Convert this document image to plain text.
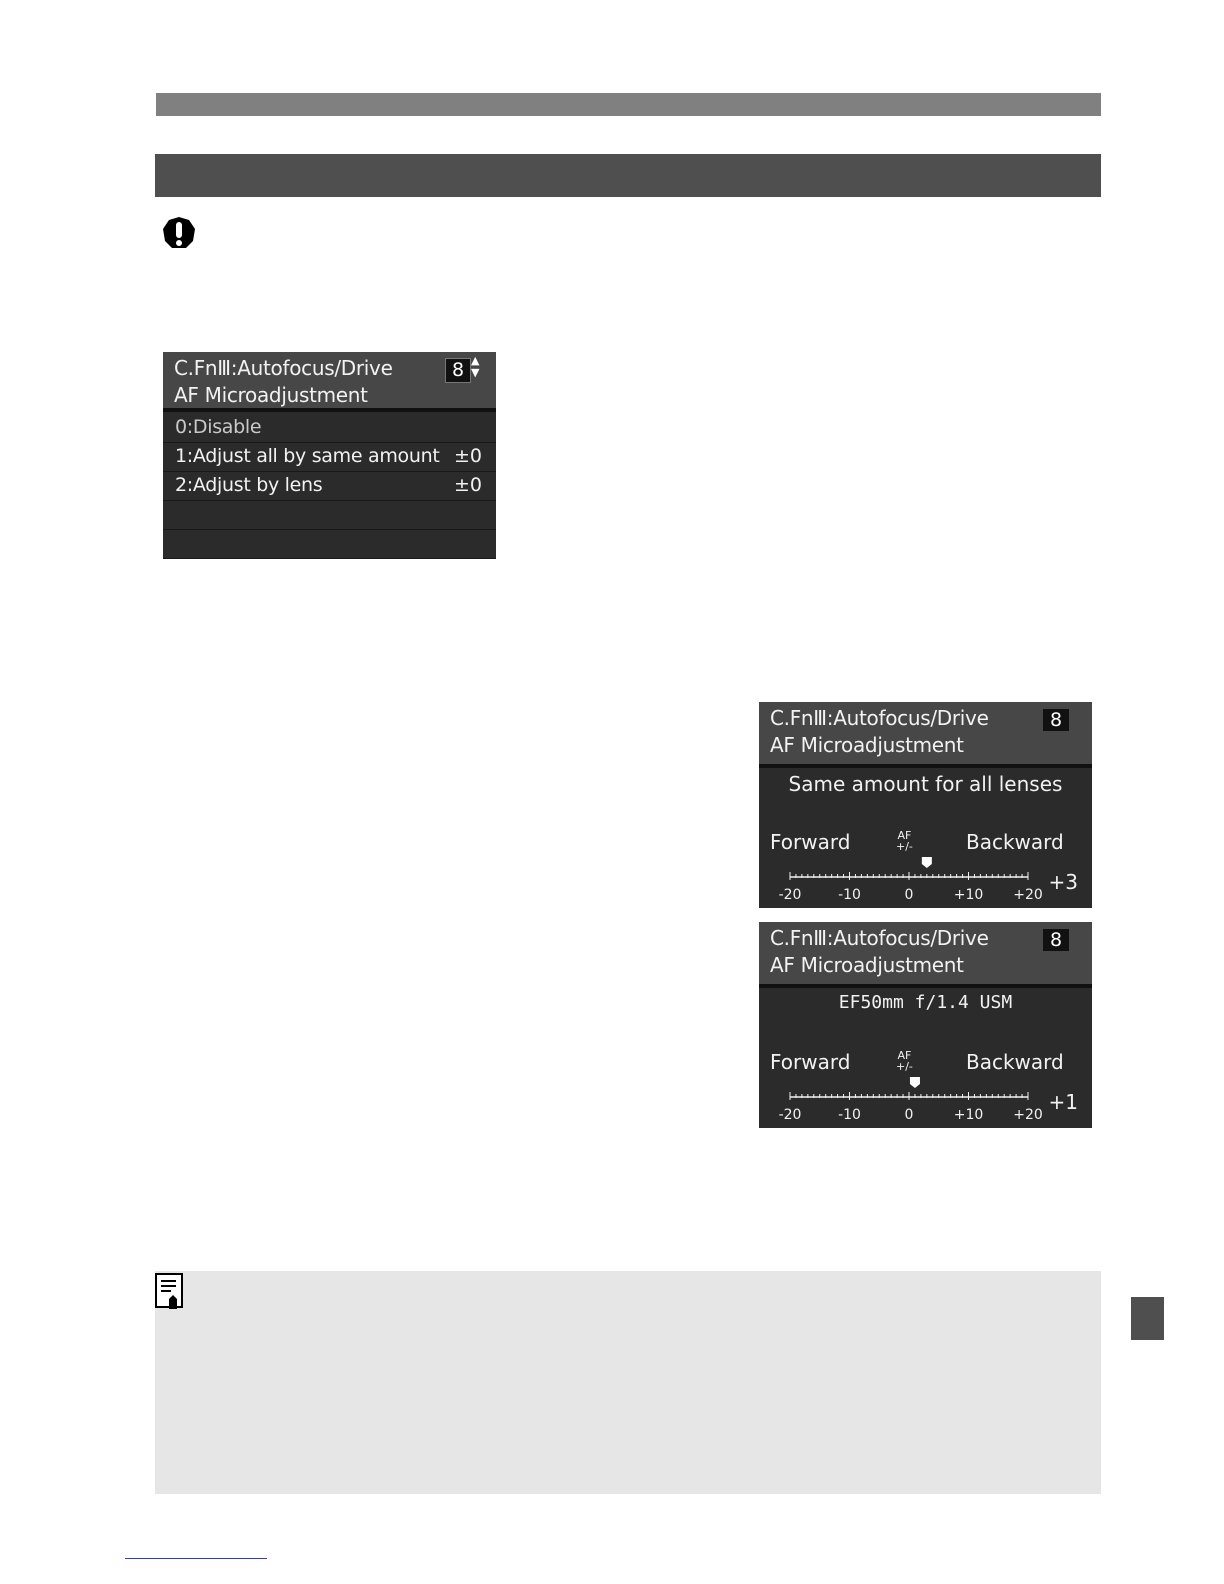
C.FnⅢ:Autofocus/Drive
AF Microadjustment
8 ▲
▼
0:Disable
1:Adjust all by same amount ±0
2:Adjust by lens	±0
C.FnⅢ:Autofocus/Drive
AF Microadjustment
8
Same amount for all lenses
Forward	AF
+/-	Backward
+3
-20	-10	0	+10 +20
C.FnⅢ:Autofocus/Drive
AF Microadjustment
8
EF50mm f/1.4 USM
Forward	AF
+/-	Backward
+1
-20	-10	0	+10 +20
